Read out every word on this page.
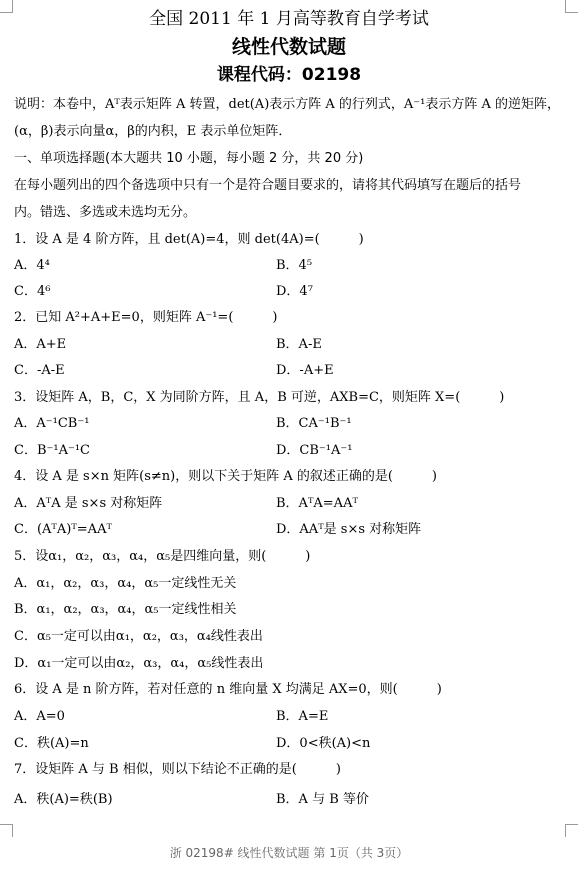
全国 2011 年 1 月高等教育自学考试
线性代数试题
课程代码：02198
说明：本卷中，Aᵀ表示矩阵 A 转置，det(A)表示方阵 A 的行列式，A⁻¹表示方阵 A 的逆矩阵，
(α，β)表示向量α，β的内积，E 表示单位矩阵．
一、单项选择题(本大题共 10 小题，每小题 2 分，共 20 分)
在每小题列出的四个备选项中只有一个是符合题目要求的，请将其代码填写在题后的括号
内。错选、多选或未选均无分。
1．设 A 是 4 阶方阵，且 det(A)=4，则 det(4A)=(　　　)
A．4⁴	B．4⁵
C．4⁶	D．4⁷
2．已知 A²+A+E=0，则矩阵 A⁻¹=(　　　)
A．A+E	B．A-E
C．-A-E	D．-A+E
3．设矩阵 A，B，C，X 为同阶方阵，且 A，B 可逆，AXB=C，则矩阵 X=(　　　)
A．A⁻¹CB⁻¹	B．CA⁻¹B⁻¹
C．B⁻¹A⁻¹C	D．CB⁻¹A⁻¹
4．设 A 是 s×n 矩阵(s≠n)，则以下关于矩阵 A 的叙述正确的是(　　　)
A．AᵀA 是 s×s 对称矩阵	B．AᵀA=AAᵀ
C．(AᵀA)ᵀ=AAᵀ	D．AAᵀ是 s×s 对称矩阵
5．设α₁，α₂，α₃，α₄，α₅是四维向量，则(　　　)
A．α₁，α₂，α₃，α₄，α₅一定线性无关
B．α₁，α₂，α₃，α₄，α₅一定线性相关
C．α₅一定可以由α₁，α₂，α₃，α₄线性表出
D．α₁一定可以由α₂，α₃，α₄，α₅线性表出
6．设 A 是 n 阶方阵，若对任意的 n 维向量 X 均满足 AX=0，则(　　　)
A．A=0	B．A=E
C．秩(A)=n	D．0<秩(A)<n
7．设矩阵 A 与 B 相似，则以下结论不正确的是(　　　)
A．秩(A)=秩(B)	B．A 与 B 等价
浙 02198# 线性代数试题 第 1页（共 3页）
